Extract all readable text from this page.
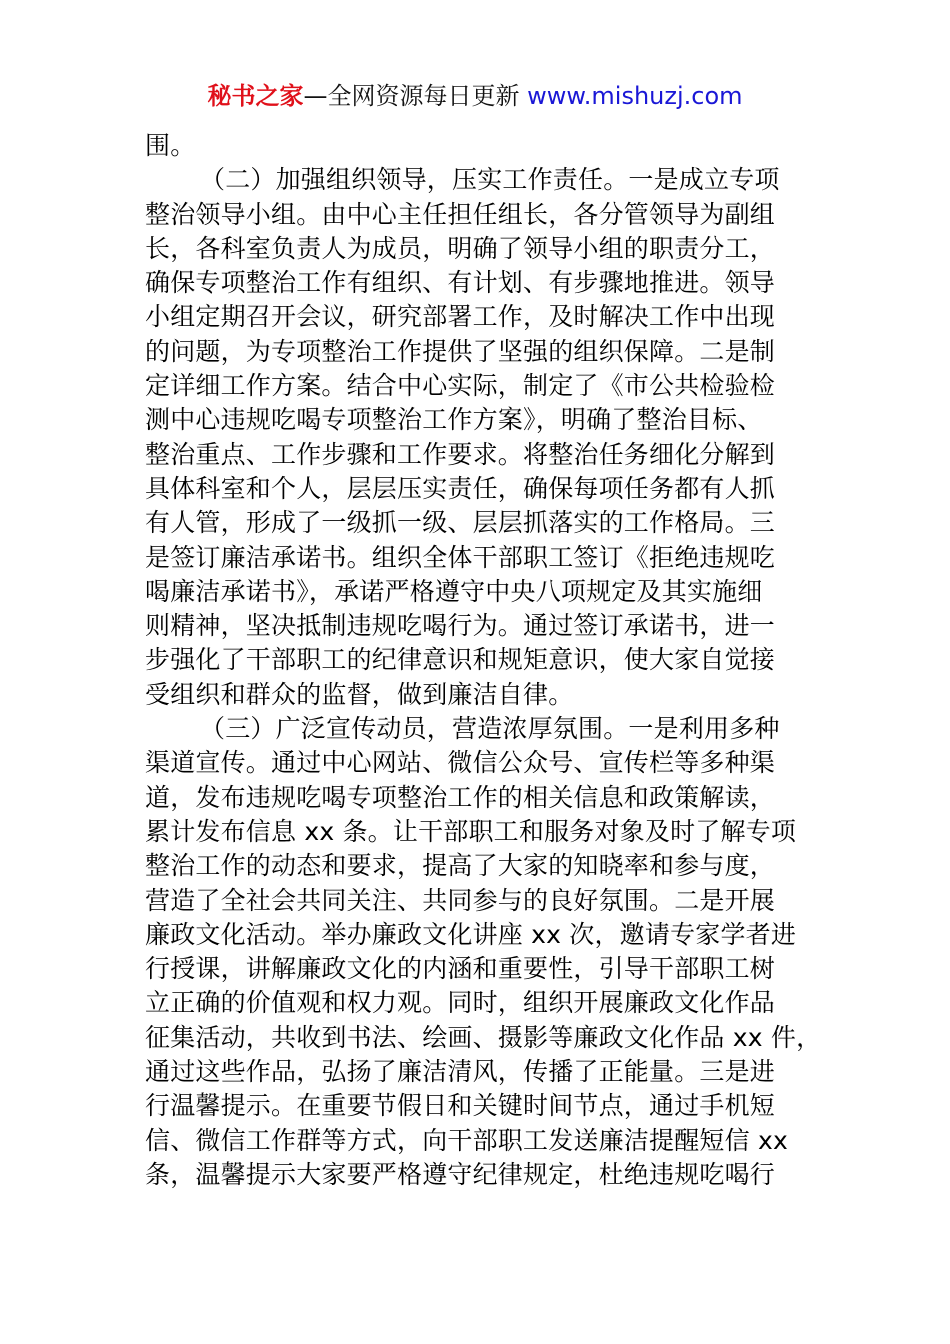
秘书之家—全网资源每日更新 www.mishuzj.com
围。
（二）加强组织领导，压实工作责任。一是成立专项
整治领导小组。由中心主任担任组长，各分管领导为副组
长，各科室负责人为成员，明确了领导小组的职责分工，
确保专项整治工作有组织、有计划、有步骤地推进。领导
小组定期召开会议，研究部署工作，及时解决工作中出现
的问题，为专项整治工作提供了坚强的组织保障。二是制
定详细工作方案。结合中心实际，制定了《市公共检验检
测中心违规吃喝专项整治工作方案》，明确了整治目标、
整治重点、工作步骤和工作要求。将整治任务细化分解到
具体科室和个人，层层压实责任，确保每项任务都有人抓
有人管，形成了一级抓一级、层层抓落实的工作格局。三
是签订廉洁承诺书。组织全体干部职工签订《拒绝违规吃
喝廉洁承诺书》，承诺严格遵守中央八项规定及其实施细
则精神，坚决抵制违规吃喝行为。通过签订承诺书，进一
步强化了干部职工的纪律意识和规矩意识，使大家自觉接
受组织和群众的监督，做到廉洁自律。
（三）广泛宣传动员，营造浓厚氛围。一是利用多种
渠道宣传。通过中心网站、微信公众号、宣传栏等多种渠
道，发布违规吃喝专项整治工作的相关信息和政策解读，
累计发布信息 xx 条。让干部职工和服务对象及时了解专项
整治工作的动态和要求，提高了大家的知晓率和参与度，
营造了全社会共同关注、共同参与的良好氛围。二是开展
廉政文化活动。举办廉政文化讲座 xx 次，邀请专家学者进
行授课，讲解廉政文化的内涵和重要性，引导干部职工树
立正确的价值观和权力观。同时，组织开展廉政文化作品
征集活动，共收到书法、绘画、摄影等廉政文化作品 xx 件，
通过这些作品，弘扬了廉洁清风，传播了正能量。三是进
行温馨提示。在重要节假日和关键时间节点，通过手机短
信、微信工作群等方式，向干部职工发送廉洁提醒短信 xx
条，温馨提示大家要严格遵守纪律规定，杜绝违规吃喝行
